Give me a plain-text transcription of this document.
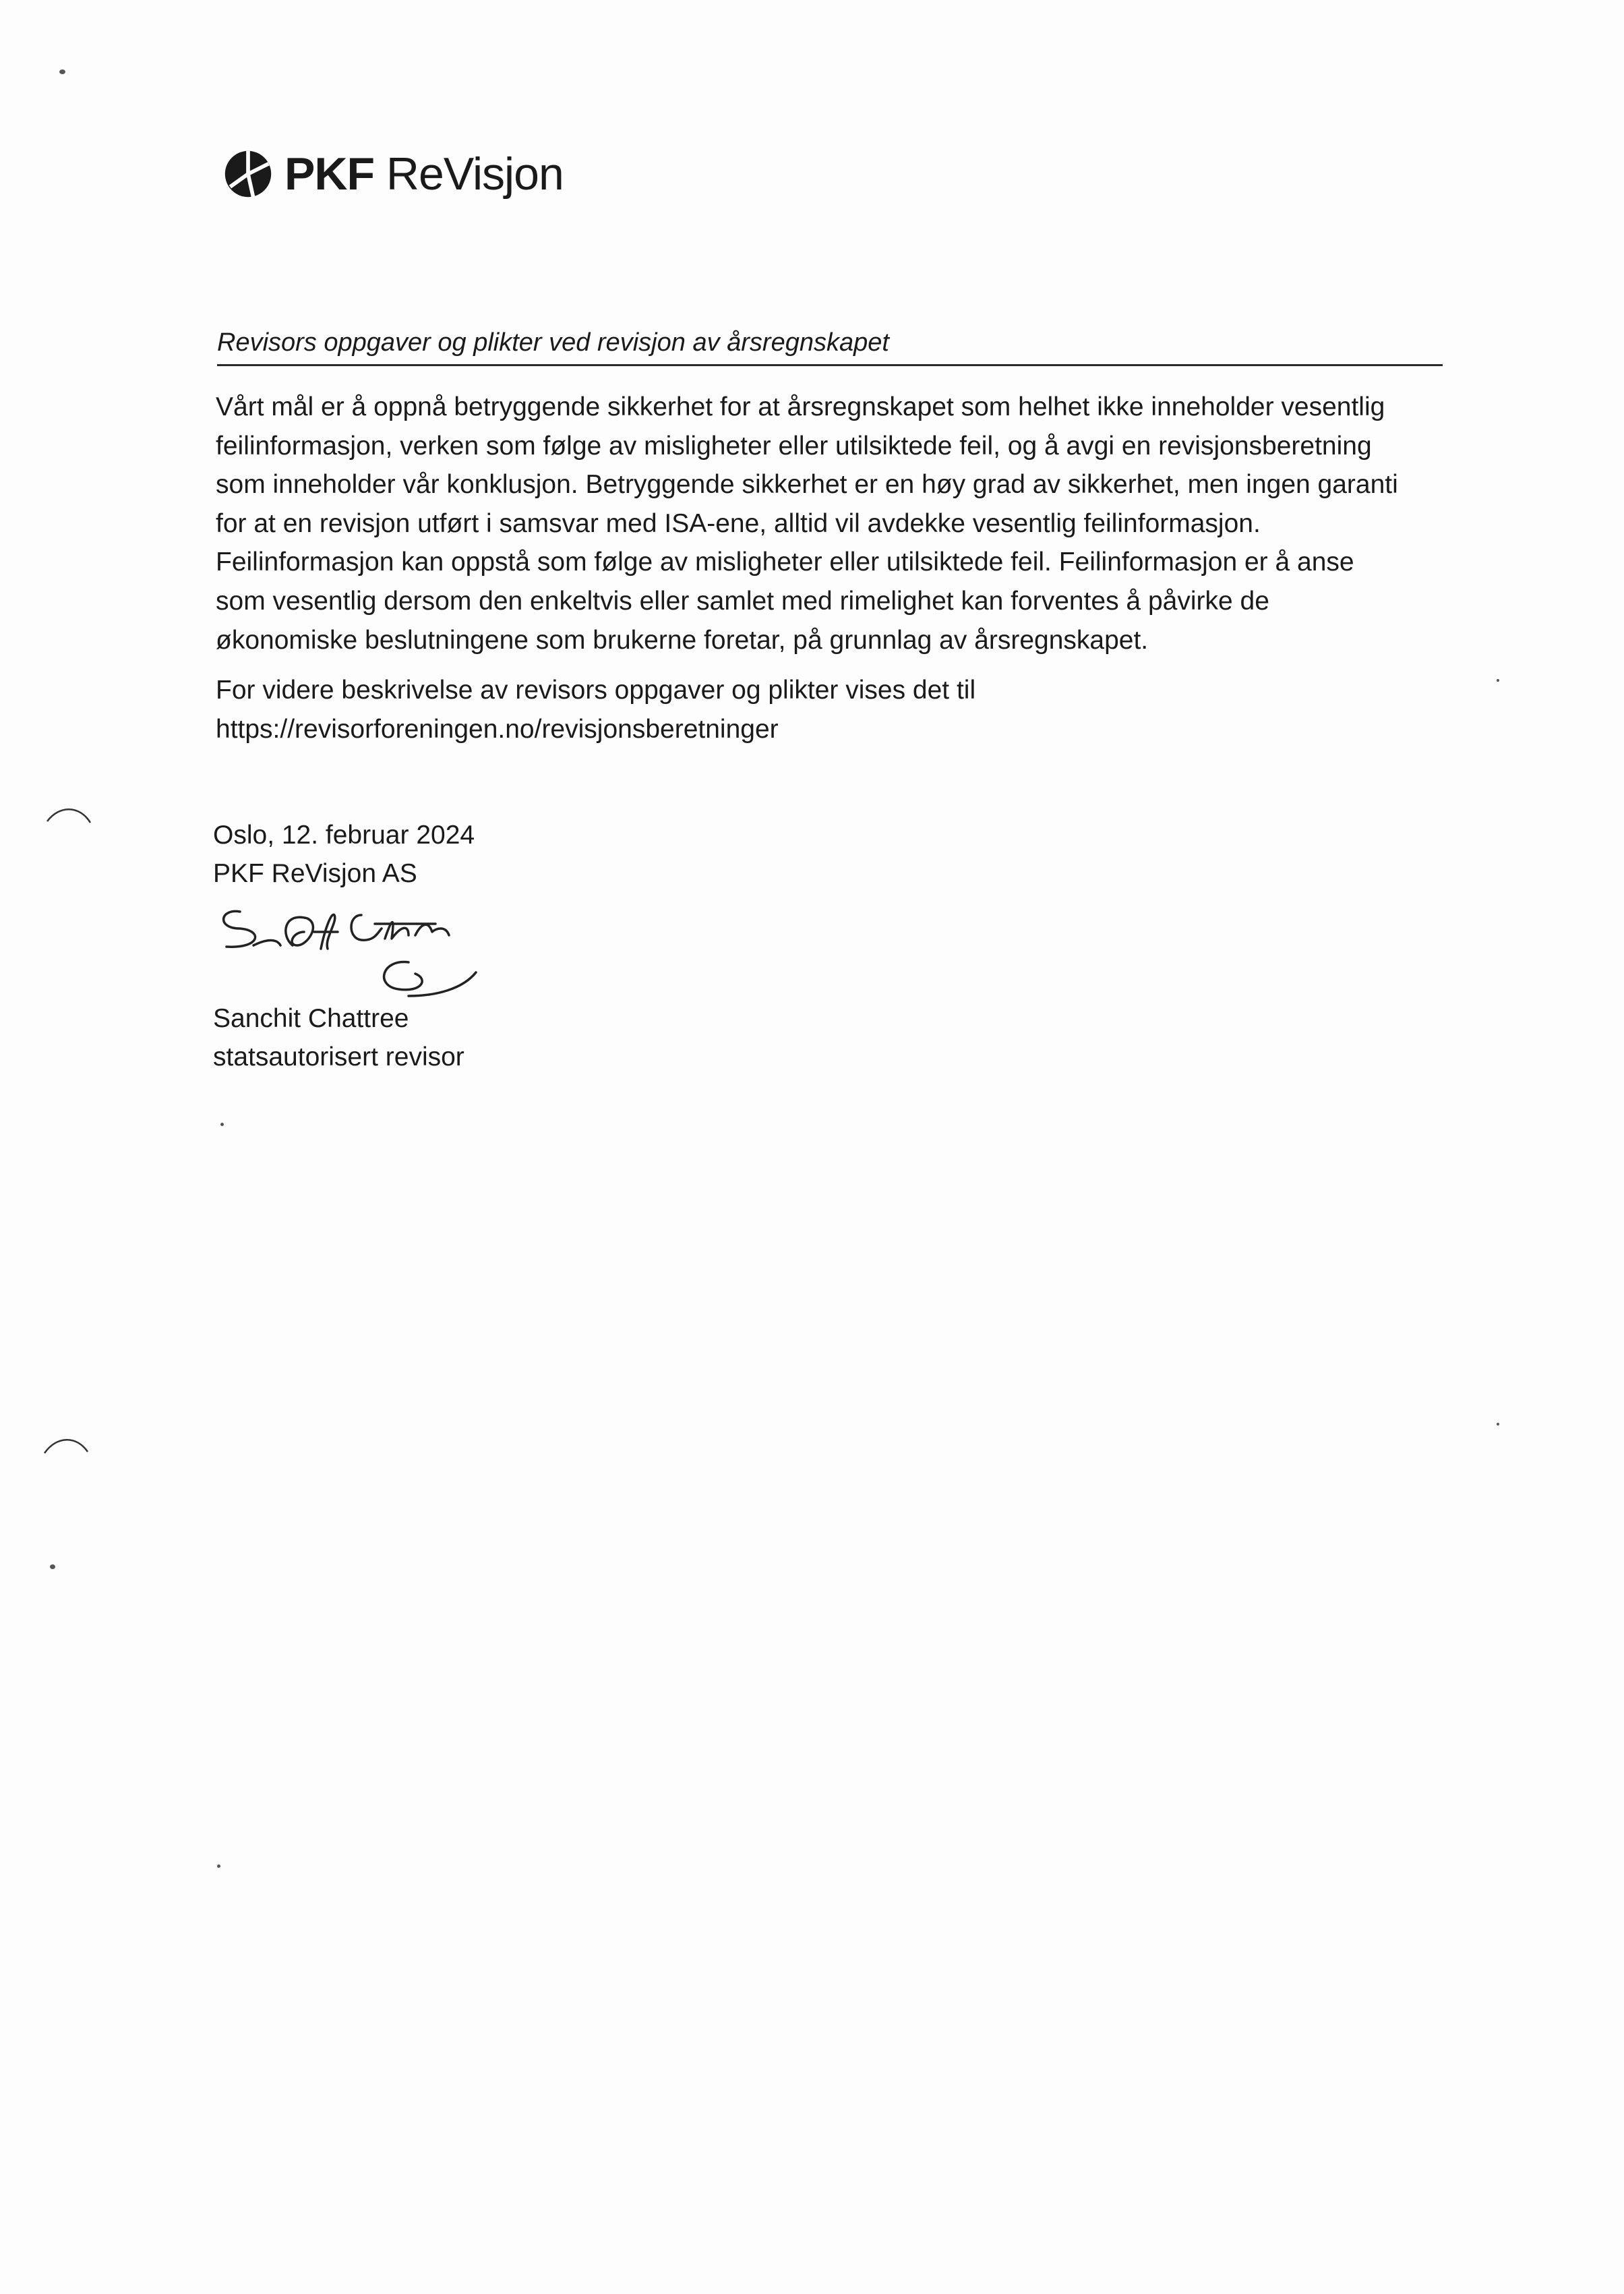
PKF ReVisjon
Revisors oppgaver og plikter ved revisjon av årsregnskapet

Vårt mål er å oppnå betryggende sikkerhet for at årsregnskapet som helhet ikke inneholder vesentlig
feilinformasjon, verken som følge av misligheter eller utilsiktede feil, og å avgi en revisjonsberetning
som inneholder vår konklusjon. Betryggende sikkerhet er en høy grad av sikkerhet, men ingen garanti
for at en revisjon utført i samsvar med ISA-ene, alltid vil avdekke vesentlig feilinformasjon.
Feilinformasjon kan oppstå som følge av misligheter eller utilsiktede feil. Feilinformasjon er å anse
som vesentlig dersom den enkeltvis eller samlet med rimelighet kan forventes å påvirke de
økonomiske beslutningene som brukerne foretar, på grunnlag av årsregnskapet.

For videre beskrivelse av revisors oppgaver og plikter vises det til

https://revisorforeningen.no/revisjonsberetninger

Oslo, 12. februar 2024
PKF ReVisjon AS
Sanchit Chattree
statsautorisert revisor
